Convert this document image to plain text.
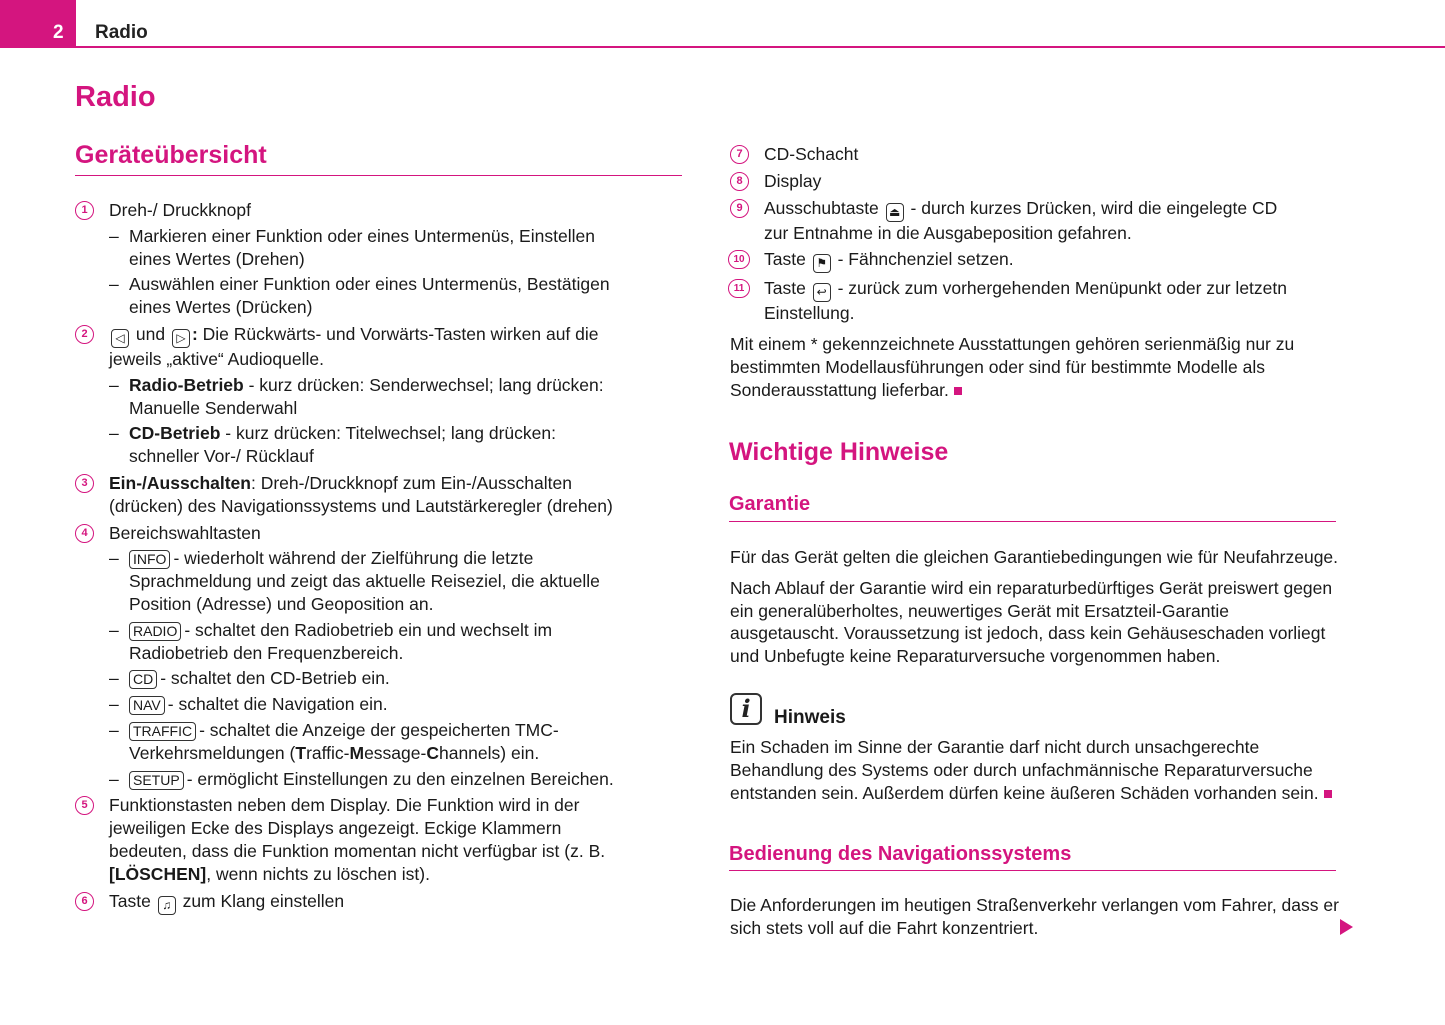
2 Radio
Radio
Geräteübersicht
1	Dreh-/ Druckknopf
– Markieren einer Funktion oder eines Untermenüs, Einstellen eines Wertes (Drehen)
– Auswählen einer Funktion oder eines Untermenüs, Bestätigen eines Wertes (Drücken)
2	◁ und ▷ : Die Rückwärts- und Vorwärts-Tasten wirken auf die jeweils „aktive“ Audioquelle.
– Radio-Betrieb - kurz drücken: Senderwechsel; lang drücken: Manuelle Senderwahl
– CD-Betrieb - kurz drücken: Titelwechsel; lang drücken: schneller Vor-/ Rücklauf
3	Ein-/Ausschalten: Dreh-/Druckknopf zum Ein-/Ausschalten (drücken) des Navigationssystems und Lautstärkeregler (drehen)
4	Bereichswahltasten
– INFO - wiederholt während der Zielführung die letzte Sprachmeldung und zeigt das aktuelle Reiseziel, die aktuelle Position (Adresse) und Geoposition an.
– RADIO - schaltet den Radiobetrieb ein und wechselt im Radiobetrieb den Frequenzbereich.
– CD - schaltet den CD-Betrieb ein.
– NAV - schaltet die Navigation ein.
– TRAFFIC - schaltet die Anzeige der gespeicherten TMC-Verkehrsmeldungen (Traffic-Message-Channels) ein.
– SETUP - ermöglicht Einstellungen zu den einzelnen Bereichen.
5	Funktionstasten neben dem Display. Die Funktion wird in der jeweiligen Ecke des Displays angezeigt. Eckige Klammern bedeuten, dass die Funktion momentan nicht verfügbar ist (z. B. [LÖSCHEN], wenn nichts zu löschen ist).
6	Taste ♫ zum Klang einstellen
7	CD-Schacht
8	Display
9	Ausschubtaste ⏏ - durch kurzes Drücken, wird die eingelegte CD zur Entnahme in die Ausgabeposition gefahren.
10	Taste ⚑ - Fähnchenziel setzen.
11	Taste ↩ - zurück zum vorhergehenden Menüpunkt oder zur letzetn Einstellung.
Mit einem * gekennzeichnete Ausstattungen gehören serienmäßig nur zu bestimmten Modellausführungen oder sind für bestimmte Modelle als Sonderausstattung lieferbar.
Wichtige Hinweise
Garantie
Für das Gerät gelten die gleichen Garantiebedingungen wie für Neufahrzeuge.
Nach Ablauf der Garantie wird ein reparaturbedürftiges Gerät preiswert gegen ein generalüberholtes, neuwertiges Gerät mit Ersatzteil-Garantie ausgetauscht. Voraussetzung ist jedoch, dass kein Gehäuseschaden vorliegt und Unbefugte keine Reparaturversuche vorgenommen haben.
i	Hinweis
Ein Schaden im Sinne der Garantie darf nicht durch unsachgerechte Behandlung des Systems oder durch unfachmännische Reparaturversuche entstanden sein. Außerdem dürfen keine äußeren Schäden vorhanden sein.
Bedienung des Navigationssystems
Die Anforderungen im heutigen Straßenverkehr verlangen vom Fahrer, dass er sich stets voll auf die Fahrt konzentriert.
